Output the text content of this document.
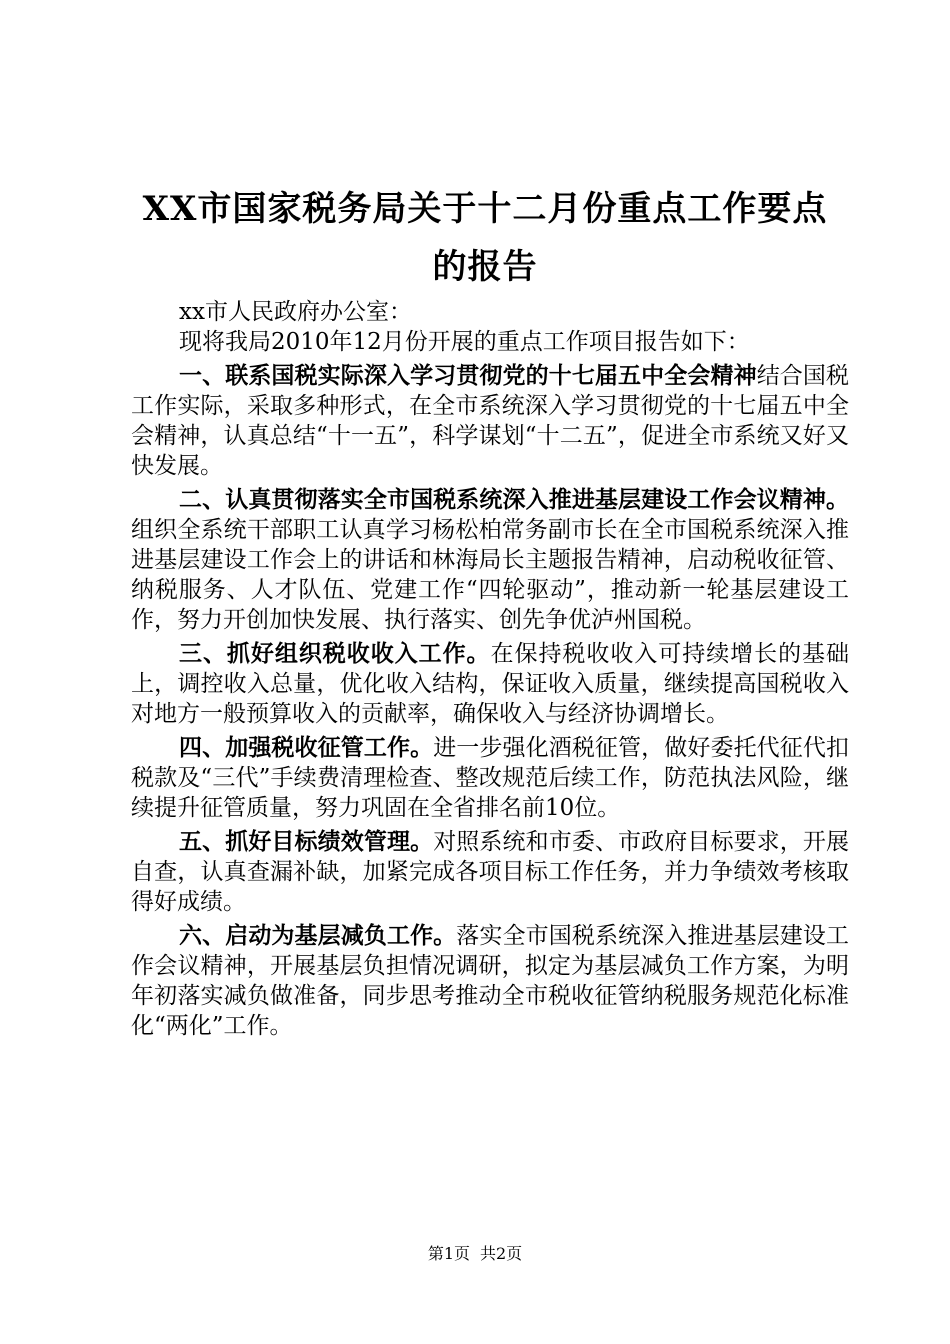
XX市国家税务局关于十二月份重点工作要点
的报告

xx市人民政府办公室：

现将我局2010年12月份开展的重点工作项目报告如下：

一、联系国税实际深入学习贯彻党的十七届五中全会精神结合国税工作实际，采取多种形式，在全市系统深入学习贯彻党的十七届五中全会精神，认真总结“十一五”，科学谋划“十二五”，促进全市系统又好又快发展。

二、认真贯彻落实全市国税系统深入推进基层建设工作会议精神。组织全系统干部职工认真学习杨松柏常务副市长在全市国税系统深入推进基层建设工作会上的讲话和林海局长主题报告精神，启动税收征管、纳税服务、人才队伍、党建工作“四轮驱动”，推动新一轮基层建设工作，努力开创加快发展、执行落实、创先争优泸州国税。

三、抓好组织税收收入工作。在保持税收收入可持续增长的基础上，调控收入总量，优化收入结构，保证收入质量，继续提高国税收入对地方一般预算收入的贡献率，确保收入与经济协调增长。

四、加强税收征管工作。进一步强化酒税征管，做好委托代征代扣税款及“三代”手续费清理检查、整改规范后续工作，防范执法风险，继续提升征管质量，努力巩固在全省排名前10位。

五、抓好目标绩效管理。对照系统和市委、市政府目标要求，开展自查，认真查漏补缺，加紧完成各项目标工作任务，并力争绩效考核取得好成绩。

六、启动为基层减负工作。落实全市国税系统深入推进基层建设工作会议精神，开展基层负担情况调研，拟定为基层减负工作方案，为明年初落实减负做准备，同步思考推动全市税收征管纳税服务规范化标准化“两化”工作。

第1页 共2页
